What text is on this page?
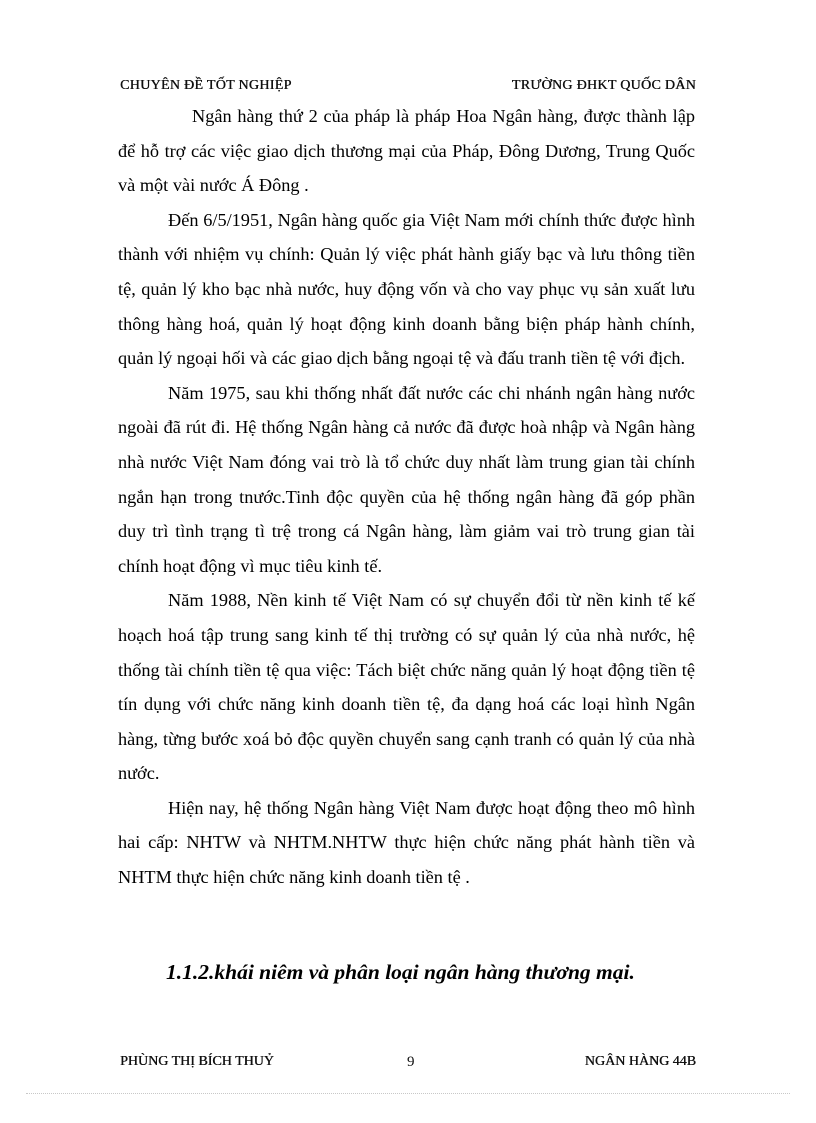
CHUYÊN ĐỀ TỐT NGHIỆP	TRƯỜNG ĐHKT QUỐC DÂN

Ngân hàng thứ 2 của pháp là pháp Hoa Ngân hàng, được thành lập để hỗ trợ các việc giao dịch thương mại của Pháp, Đông Dương, Trung Quốc và một vài nước Á Đông .

Đến 6/5/1951, Ngân hàng quốc gia Việt Nam mới chính thức được hình thành với nhiệm vụ chính: Quản lý việc phát hành giấy bạc và lưu thông tiền tệ, quản lý kho bạc nhà nước, huy động vốn và cho vay phục vụ sản xuất lưu thông hàng hoá, quản lý hoạt động kinh doanh bằng biện pháp hành chính, quản lý ngoại hối và các giao dịch bằng ngoại tệ và đấu tranh tiền tệ với địch.

Năm 1975, sau khi thống nhất đất nước các chi nhánh ngân hàng nước ngoài đã rút đi. Hệ thống Ngân hàng cả nước đã được hoà nhập và Ngân hàng nhà nước Việt Nam đóng vai trò là tổ chức duy nhất làm trung gian tài chính ngắn hạn trong tnước.Tinh độc quyền của hệ thống ngân hàng đã góp phần duy trì tình trạng tì trệ trong cá Ngân hàng, làm giảm vai trò trung gian tài chính hoạt động vì mục tiêu kinh tế.

Năm 1988, Nền kinh tế Việt Nam có sự chuyển đổi từ nền kinh tế kế hoạch hoá tập trung sang kinh tế thị trường có sự quản lý của nhà nước, hệ thống tài chính tiền tệ qua việc: Tách biệt chức năng quản lý hoạt động tiền tệ tín dụng với chức năng kinh doanh tiền tệ, đa dạng hoá các loại hình Ngân hàng, từng bước xoá bỏ độc quyền chuyển sang cạnh tranh có quản lý của nhà nước.

Hiện nay, hệ thống Ngân hàng Việt Nam được hoạt động theo mô hình hai cấp: NHTW và NHTM.NHTW thực hiện chức năng phát hành tiền và NHTM thực hiện chức năng kinh doanh tiền tệ .

1.1.2.khái niêm và phân loại ngân hàng thương mại.
PHÙNG THỊ BÍCH THUỶ	9	NGÂN HÀNG 44B
